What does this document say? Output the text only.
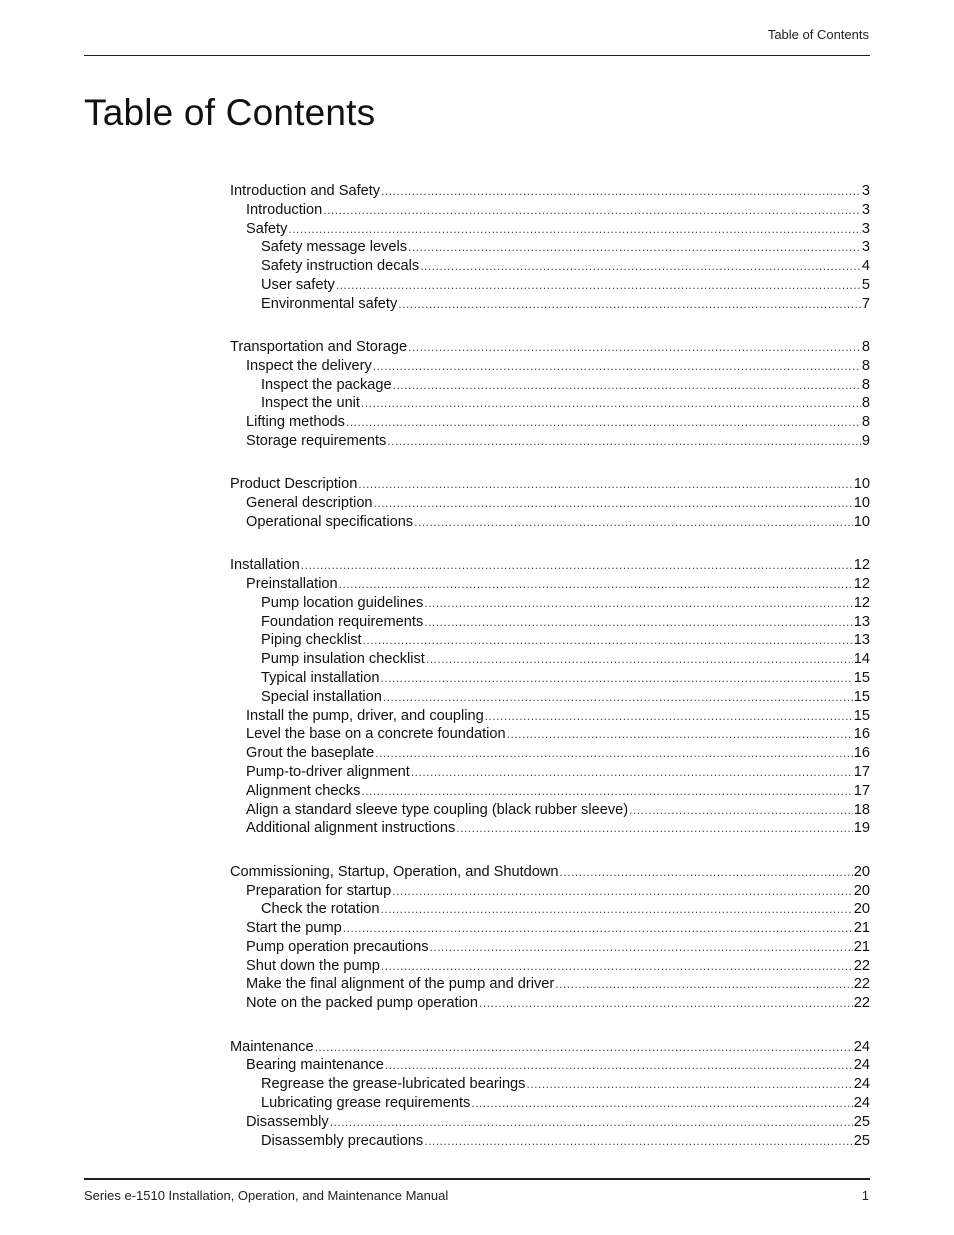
Table of Contents
Table of Contents
Introduction and Safety .....	3
Introduction .....	3
Safety .....	3
Safety message levels .....	3
Safety instruction decals .....	4
User safety .....	5
Environmental safety .....	7
Transportation and Storage .....	8
Inspect the delivery .....	8
Inspect the package .....	8
Inspect the unit .....	8
Lifting methods .....	8
Storage requirements .....	9
Product Description .....	10
General description .....	10
Operational specifications .....	10
Installation .....	12
Preinstallation .....	12
Pump location guidelines .....	12
Foundation requirements .....	13
Piping checklist .....	13
Pump insulation checklist .....	14
Typical installation .....	15
Special installation .....	15
Install the pump, driver, and coupling .....	15
Level the base on a concrete foundation .....	16
Grout the baseplate .....	16
Pump-to-driver alignment .....	17
Alignment checks .....	17
Align a standard sleeve type coupling (black rubber sleeve) .....	18
Additional alignment instructions .....	19
Commissioning, Startup, Operation, and Shutdown .....	20
Preparation for startup .....	20
Check the rotation .....	20
Start the pump .....	21
Pump operation precautions .....	21
Shut down the pump .....	22
Make the final alignment of the pump and driver .....	22
Note on the packed pump operation .....	22
Maintenance .....	24
Bearing maintenance .....	24
Regrease the grease-lubricated bearings .....	24
Lubricating grease requirements .....	24
Disassembly .....	25
Disassembly precautions .....	25
Series e-1510 Installation, Operation, and Maintenance Manual	1
